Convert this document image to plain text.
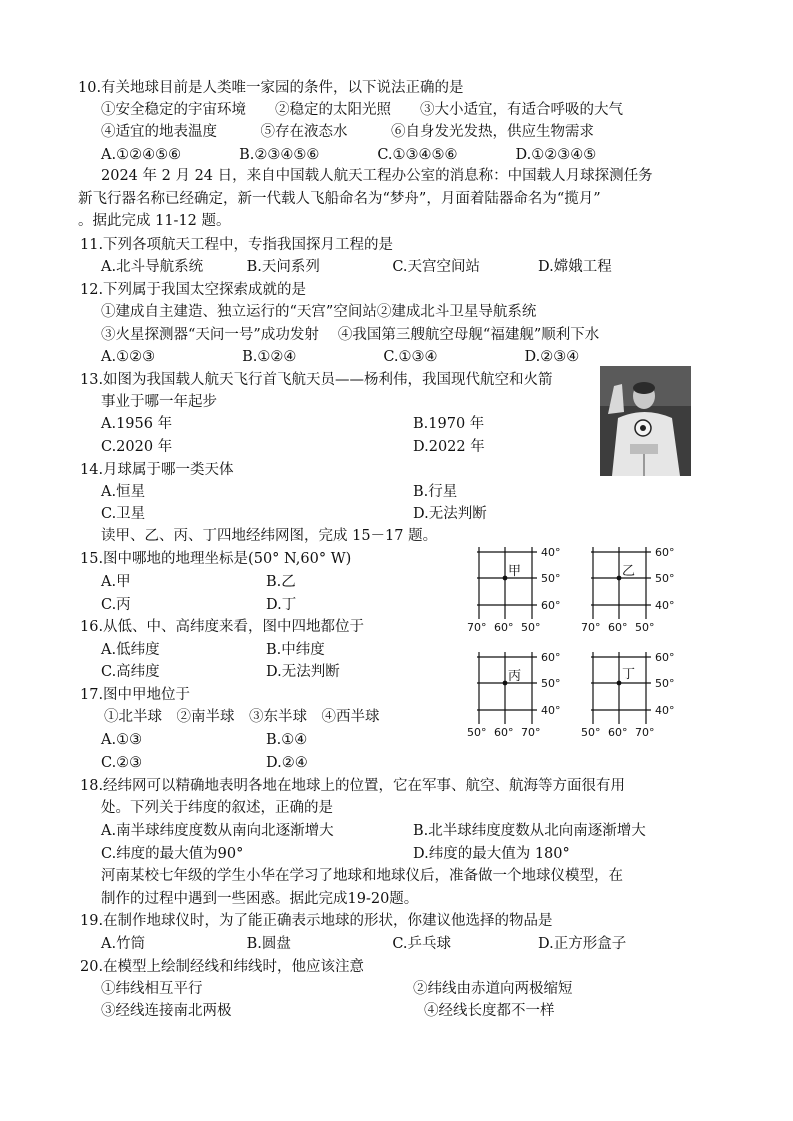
10.有关地球目前是人类唯一家园的条件，以下说法正确的是
①安全稳定的宇宙环境　　②稳定的太阳光照　　③大小适宜，有适合呼吸的大气
④适宜的地表温度　　　⑤存在液态水　　　⑥自身发光发热，供应生物需求
A.①②④⑤⑥　　　　B.②③④⑤⑥　　　　C.①③④⑤⑥　　　　D.①②③④⑤
2024 年 2 月 24 日，来自中国载人航天工程办公室的消息称：中国载人月球探测任务
新飞行器名称已经确定，新一代载人飞船命名为“梦舟”，月面着陆器命名为“揽月”
。据此完成 11-12 题。
11.下列各项航天工程中，专指我国探月工程的是
A.北斗导航系统　　　B.天问系列　　　　　C.天宫空间站　　　　D.嫦娥工程
12.下列属于我国太空探索成就的是
①建成自主建造、独立运行的“天宫”空间站②建成北斗卫星导航系统
③火星探测器“天问一号”成功发射　 ④我国第三艘航空母舰“福建舰”顺利下水
A.①②③　　　　　　B.①②④　　　　　　C.①③④　　　　　　D.②③④
13.如图为我国载人航天飞行首飞航天员——杨利伟，我国现代航空和火箭
事业于哪一年起步
A.1956 年	B.1970 年
C.2020 年	D.2022 年
14.月球属于哪一类天体
A.恒星	B.行星
C.卫星	D.无法判断
读甲、乙、丙、丁四地经纬网图，完成 15－17 题。
15.图中哪地的地理坐标是(50° N,60° W)
A.甲	B.乙
C.丙	D.丁
16.从低、中、高纬度来看，图中四地都位于
A.低纬度	B.中纬度
C.高纬度	D.无法判断
17.图中甲地位于
①北半球　②南半球　③东半球　④西半球
A.①③	B.①④
C.②③	D.②④
18.经纬网可以精确地表明各地在地球上的位置，它在军事、航空、航海等方面很有用
处。下列关于纬度的叙述，正确的是
A.南半球纬度度数从南向北逐渐增大	B.北半球纬度度数从北向南逐渐增大
C.纬度的最大值为90°	D.纬度的最大值为 180°
河南某校七年级的学生小华在学习了地球和地球仪后，准备做一个地球仪模型，在
制作的过程中遇到一些困惑。据此完成19-20题。
19.在制作地球仪时，为了能正确表示地球的形状，你建议他选择的物品是
A.竹筒　　　　　　　B.圆盘　　　　　　　C.乒乓球　　　　　　D.正方形盒子
20.在模型上绘制经线和纬线时，他应该注意
①纬线相互平行	②纬线由赤道向两极缩短
③经线连接南北两极	④经线长度都不一样
甲
40°
50°
60°
70° 60° 50°
乙
60°
50°
40°
70° 60° 50°
丙
60°
50°
40°
50° 60° 70°
丁
60°
50°
40°
50° 60° 70°
